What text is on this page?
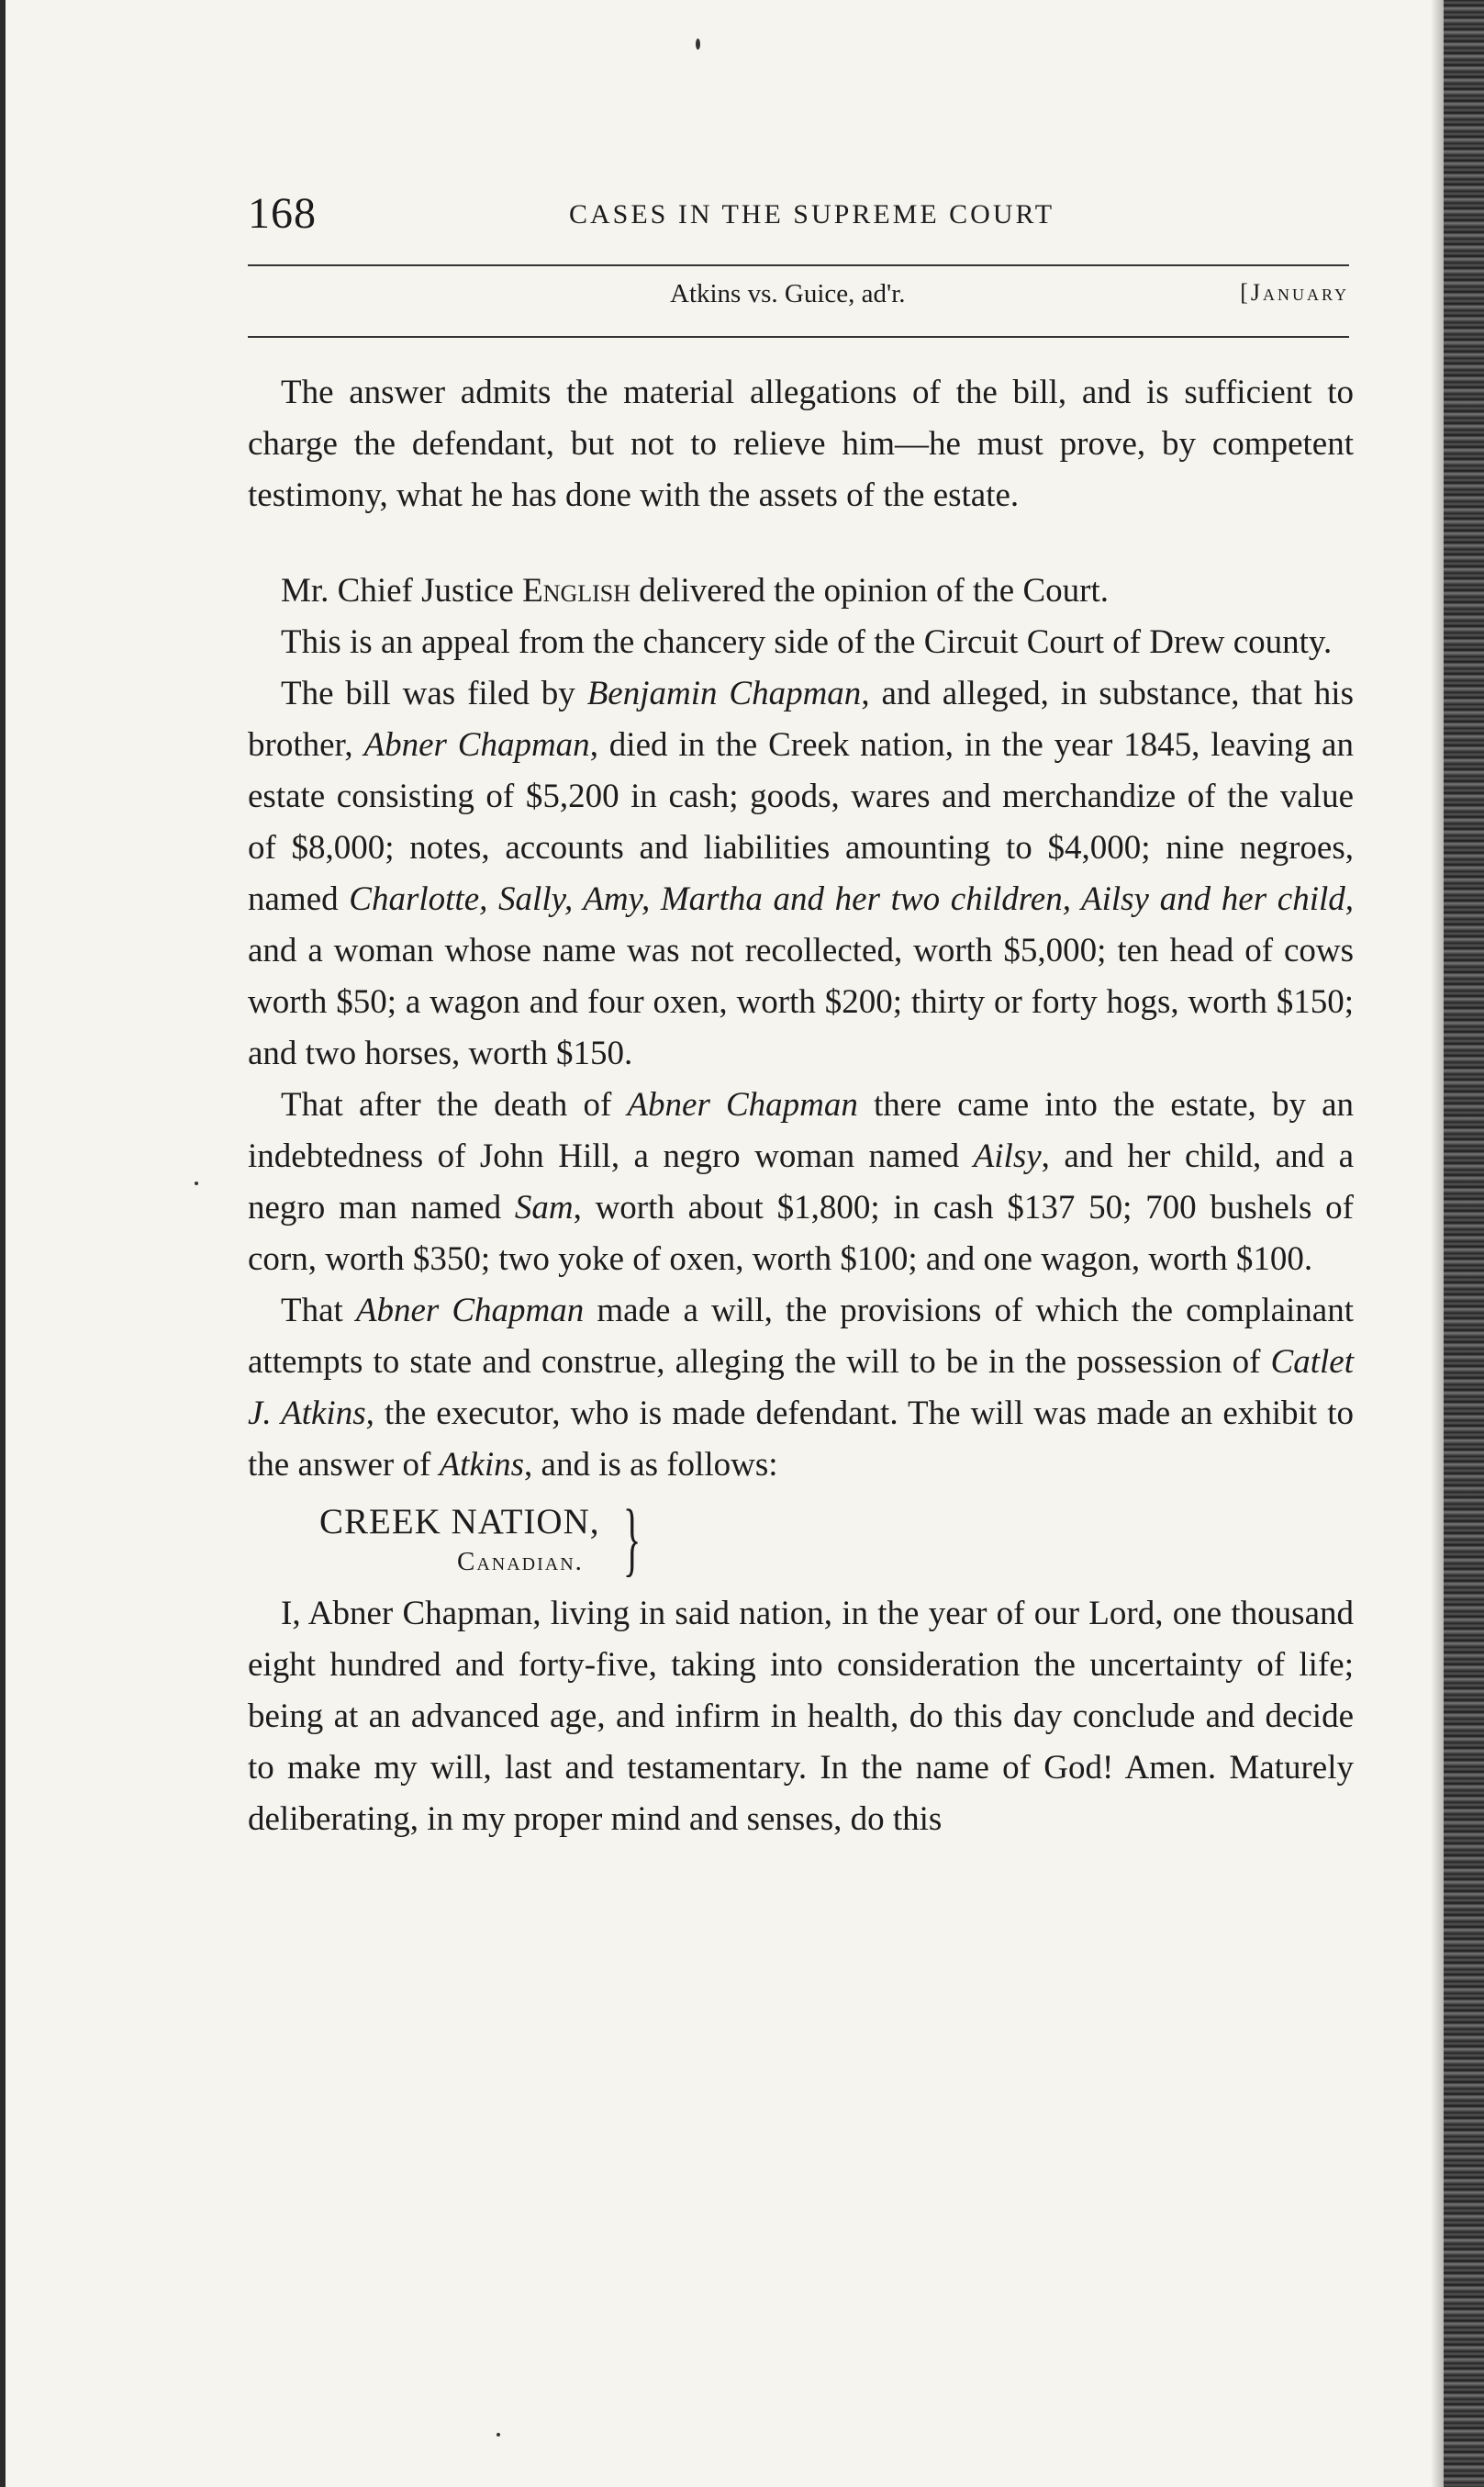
168	CASES IN THE SUPREME COURT
Atkins vs. Guice, ad'r.	[January

The answer admits the material allegations of the bill, and is sufficient to charge the defendant, but not to relieve him—he must prove, by competent testimony, what he has done with the assets of the estate.

Mr. Chief Justice English delivered the opinion of the Court.

This is an appeal from the chancery side of the Circuit Court of Drew county.

The bill was filed by Benjamin Chapman, and alleged, in substance, that his brother, Abner Chapman, died in the Creek nation, in the year 1845, leaving an estate consisting of $5,200 in cash; goods, wares and merchandize of the value of $8,000; notes, accounts and liabilities amounting to $4,000; nine negroes, named Charlotte, Sally, Amy, Martha and her two children, Ailsy and her child, and a woman whose name was not recollected, worth $5,000; ten head of cows worth $50; a wagon and four oxen, worth $200; thirty or forty hogs, worth $150; and two horses, worth $150.

That after the death of Abner Chapman there came into the estate, by an indebtedness of John Hill, a negro woman named Ailsy, and her child, and a negro man named Sam, worth about $1,800; in cash $137 50; 700 bushels of corn, worth $350; two yoke of oxen, worth $100; and one wagon, worth $100.

That Abner Chapman made a will, the provisions of which the complainant attempts to state and construe, alleging the will to be in the possession of Catlet J. Atkins, the executor, who is made defendant. The will was made an exhibit to the answer of Atkins, and is as follows:

CREEK NATION,
Canadian. }

I, Abner Chapman, living in said nation, in the year of our Lord, one thousand eight hundred and forty-five, taking into consideration the uncertainty of life; being at an advanced age, and infirm in health, do this day conclude and decide to make my will, last and testamentary. In the name of God! Amen. Maturely deliberating, in my proper mind and senses, do this
